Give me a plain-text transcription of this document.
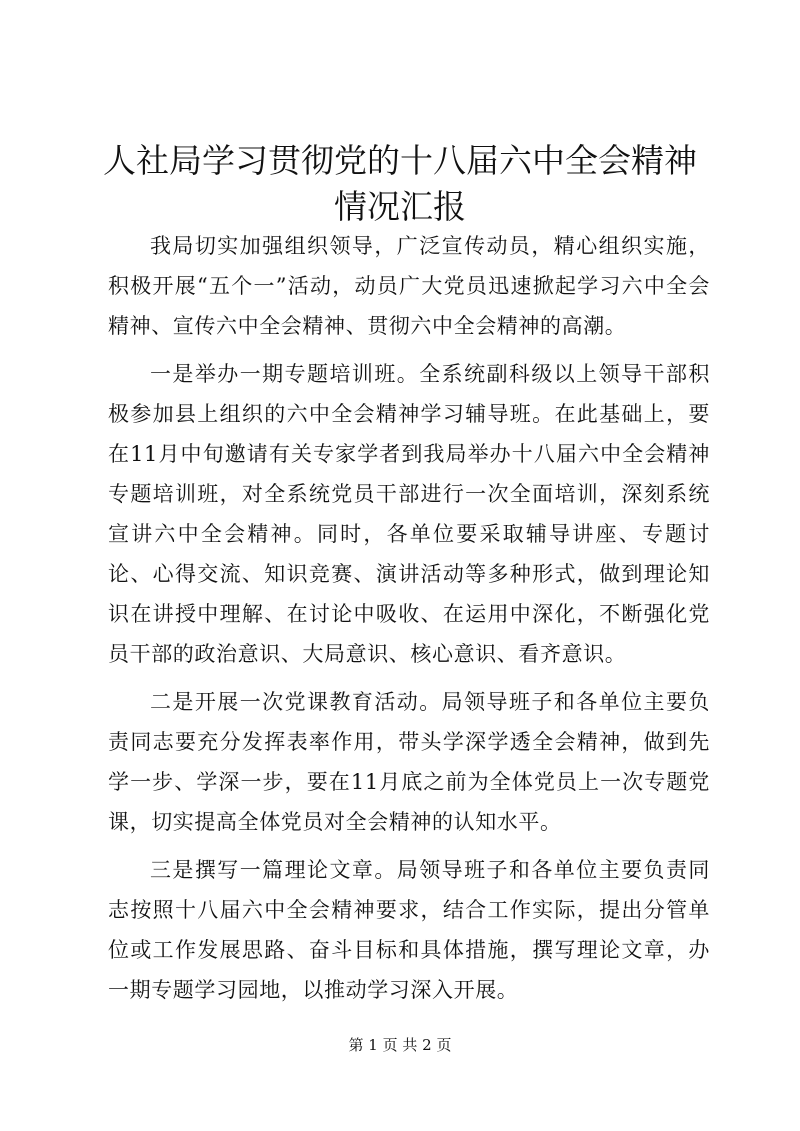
人社局学习贯彻党的十八届六中全会精神情况汇报

我局切实加强组织领导，广泛宣传动员，精心组织实施，积极开展“五个一”活动，动员广大党员迅速掀起学习六中全会精神、宣传六中全会精神、贯彻六中全会精神的高潮。

一是举办一期专题培训班。全系统副科级以上领导干部积极参加县上组织的六中全会精神学习辅导班。在此基础上，要在11月中旬邀请有关专家学者到我局举办十八届六中全会精神专题培训班，对全系统党员干部进行一次全面培训，深刻系统宣讲六中全会精神。同时，各单位要采取辅导讲座、专题讨论、心得交流、知识竞赛、演讲活动等多种形式，做到理论知识在讲授中理解、在讨论中吸收、在运用中深化，不断强化党员干部的政治意识、大局意识、核心意识、看齐意识。

二是开展一次党课教育活动。局领导班子和各单位主要负责同志要充分发挥表率作用，带头学深学透全会精神，做到先学一步、学深一步，要在11月底之前为全体党员上一次专题党课，切实提高全体党员对全会精神的认知水平。

三是撰写一篇理论文章。局领导班子和各单位主要负责同志按照十八届六中全会精神要求，结合工作实际，提出分管单位或工作发展思路、奋斗目标和具体措施，撰写理论文章，办一期专题学习园地，以推动学习深入开展。

第 1 页 共 2 页
